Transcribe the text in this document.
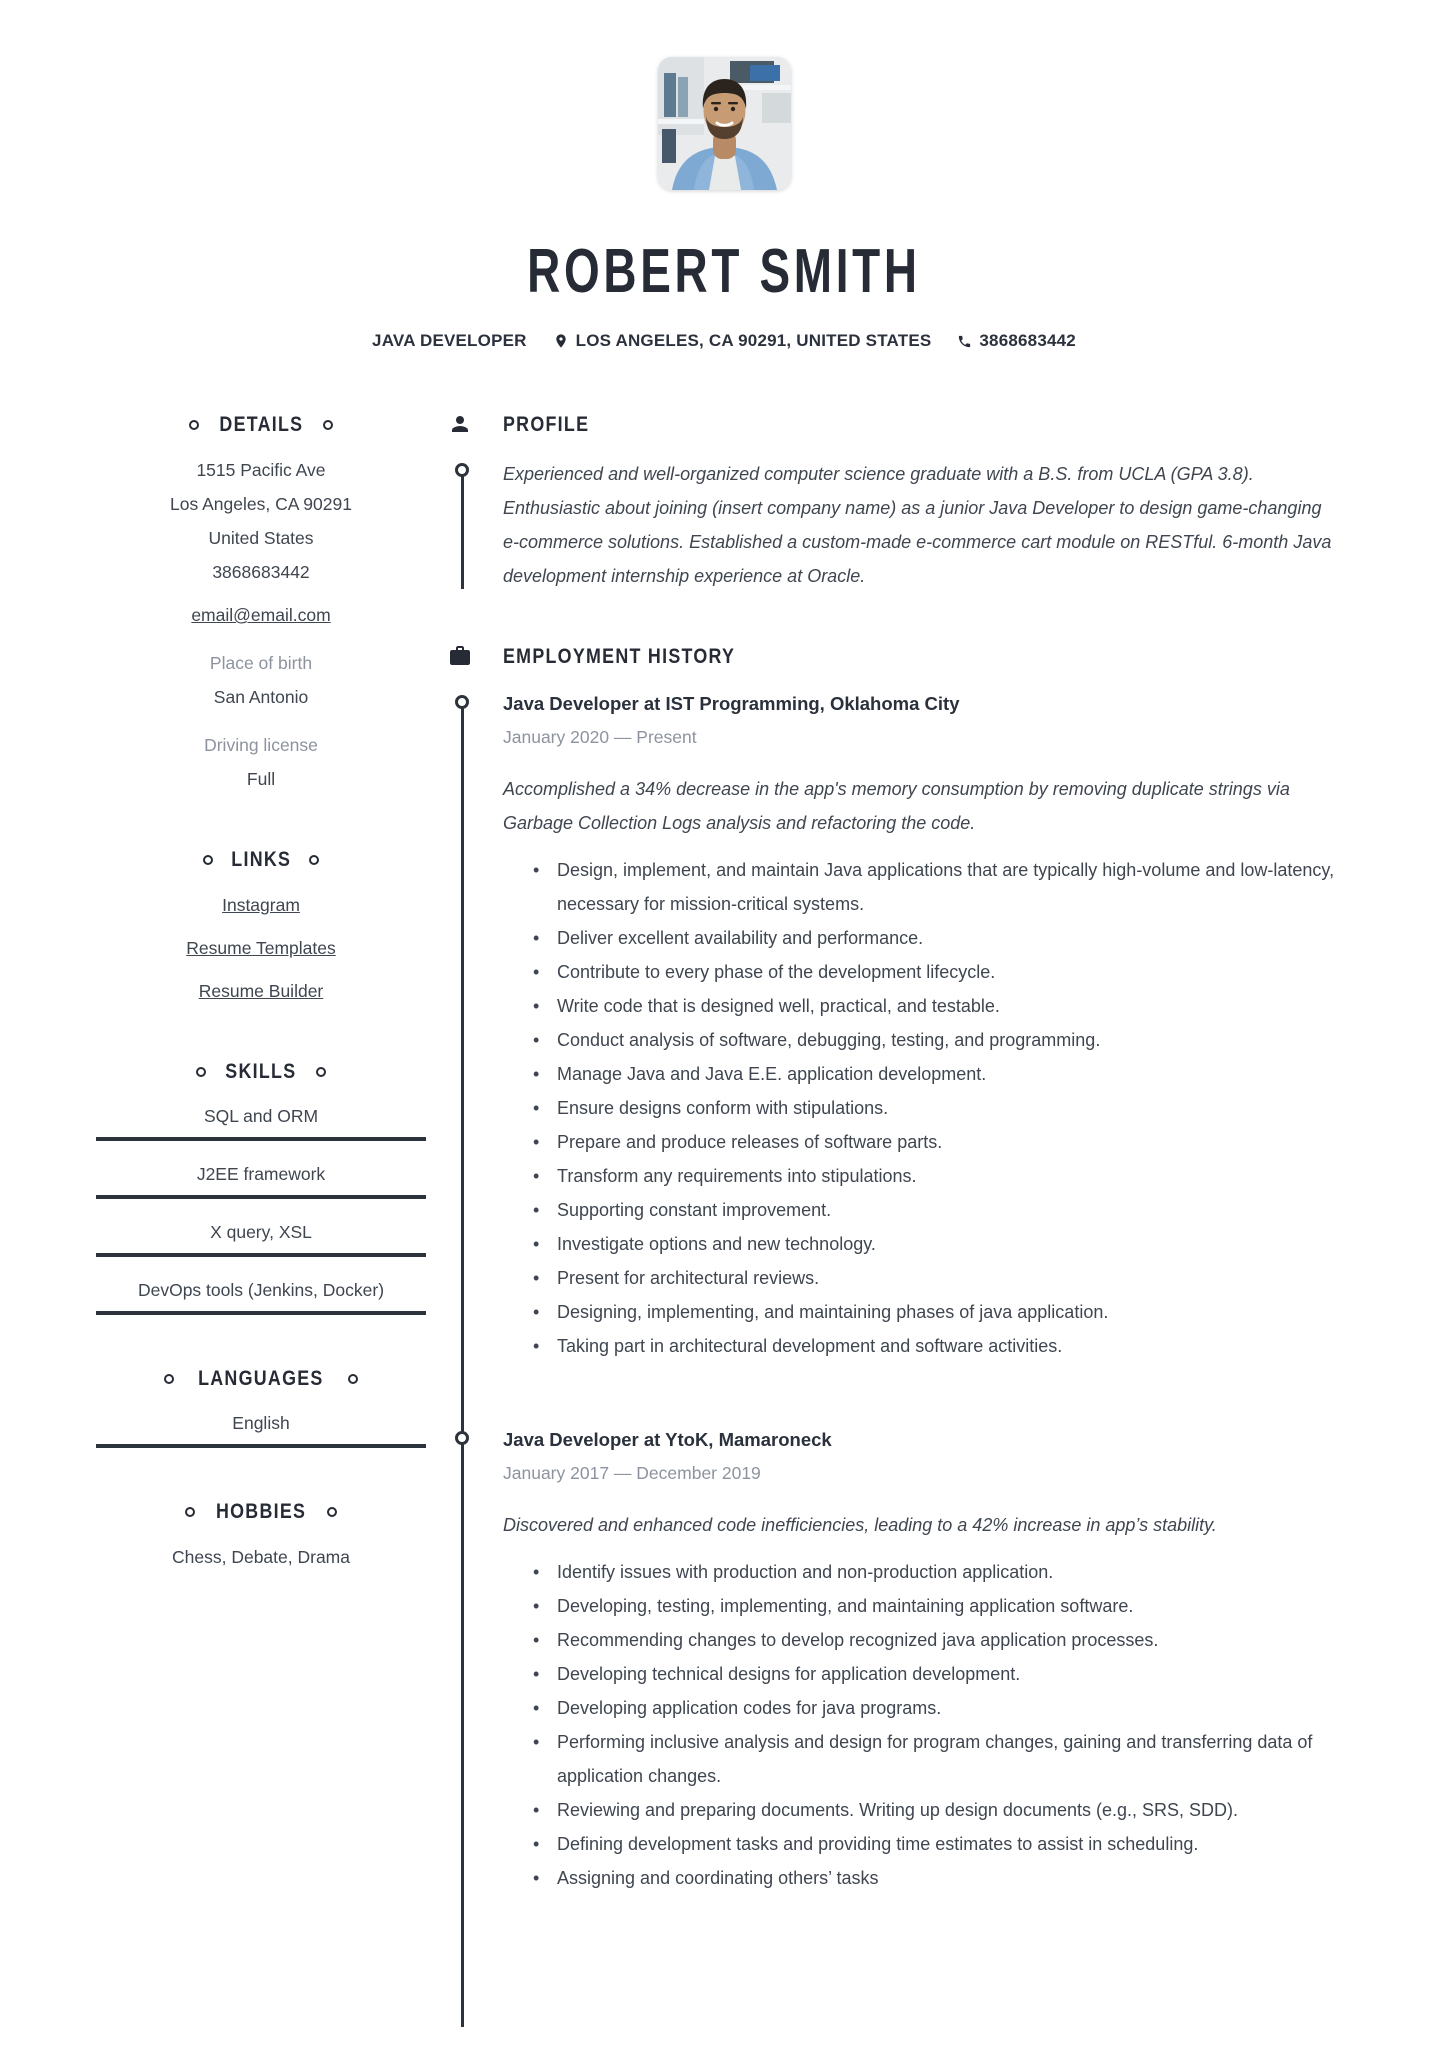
ROBERT SMITH
JAVA DEVELOPER	LOS ANGELES, CA 90291, UNITED STATES	3868683442
DETAILS
1515 Pacific Ave
Los Angeles, CA 90291
United States
3868683442
email@email.com
Place of birth
San Antonio
Driving license
Full
LINKS
Instagram
Resume Templates
Resume Builder
SKILLS
SQL and ORM
J2EE framework
X query, XSL
DevOps tools (Jenkins, Docker)
LANGUAGES
English
HOBBIES
Chess, Debate, Drama
PROFILE

Experienced and well-organized computer science graduate with a B.S. from UCLA (GPA 3.8). Enthusiastic about joining (insert company name) as a junior Java Developer to design game-changing e-commerce solutions. Established a custom-made e-commerce cart module on RESTful. 6-month Java development internship experience at Oracle.

EMPLOYMENT HISTORY
Java Developer at IST Programming, Oklahoma City
January 2020 — Present

Accomplished a 34% decrease in the app's memory consumption by removing duplicate strings via Garbage Collection Logs analysis and refactoring the code.

• Design, implement, and maintain Java applications that are typically high-volume and low-latency, necessary for mission-critical systems.
• Deliver excellent availability and performance.
• Contribute to every phase of the development lifecycle.
• Write code that is designed well, practical, and testable.
• Conduct analysis of software, debugging, testing, and programming.
• Manage Java and Java E.E. application development.
• Ensure designs conform with stipulations.
• Prepare and produce releases of software parts.
• Transform any requirements into stipulations.
• Supporting constant improvement.
• Investigate options and new technology.
• Present for architectural reviews.
• Designing, implementing, and maintaining phases of java application.
• Taking part in architectural development and software activities.
Java Developer at YtoK, Mamaroneck
January 2017 — December 2019

Discovered and enhanced code inefficiencies, leading to a 42% increase in app’s stability.

• Identify issues with production and non-production application.
• Developing, testing, implementing, and maintaining application software.
• Recommending changes to develop recognized java application processes.
• Developing technical designs for application development.
• Developing application codes for java programs.
• Performing inclusive analysis and design for program changes, gaining and transferring data of application changes.
• Reviewing and preparing documents. Writing up design documents (e.g., SRS, SDD).
• Defining development tasks and providing time estimates to assist in scheduling.
• Assigning and coordinating others’ tasks
